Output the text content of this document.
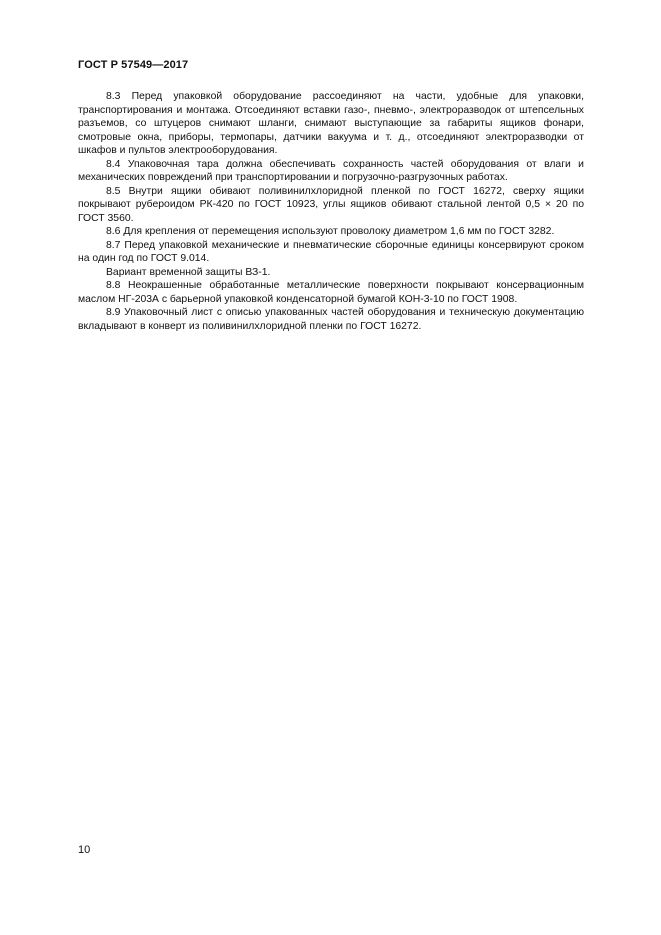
ГОСТ Р 57549—2017

8.3 Перед упаковкой оборудование рассоединяют на части, удобные для упаковки, транспортирования и монтажа. Отсоединяют вставки газо-, пневмо-, электроразводок от штепсельных разъемов, со штуцеров снимают шланги, снимают выступающие за габариты ящиков фонари, смотровые окна, приборы, термопары, датчики вакуума и т. д., отсоединяют электроразводки от шкафов и пультов электрооборудования.

8.4 Упаковочная тара должна обеспечивать сохранность частей оборудования от влаги и механических повреждений при транспортировании и погрузочно-разгрузочных работах.

8.5 Внутри ящики обивают поливинилхлоридной пленкой по ГОСТ 16272, сверху ящики покрывают рубероидом РК-420 по ГОСТ 10923, углы ящиков обивают стальной лентой 0,5 × 20 по ГОСТ 3560.

8.6 Для крепления от перемещения используют проволоку диаметром 1,6 мм по ГОСТ 3282.

8.7 Перед упаковкой механические и пневматические сборочные единицы консервируют сроком на один год по ГОСТ 9.014.

Вариант временной защиты ВЗ-1.

8.8 Неокрашенные обработанные металлические поверхности покрывают консервационным маслом НГ-203А с барьерной упаковкой конденсаторной бумагой КОН-3-10 по ГОСТ 1908.

8.9 Упаковочный лист с описью упакованных частей оборудования и техническую документацию вкладывают в конверт из поливинилхлоридной пленки по ГОСТ 16272.

10
